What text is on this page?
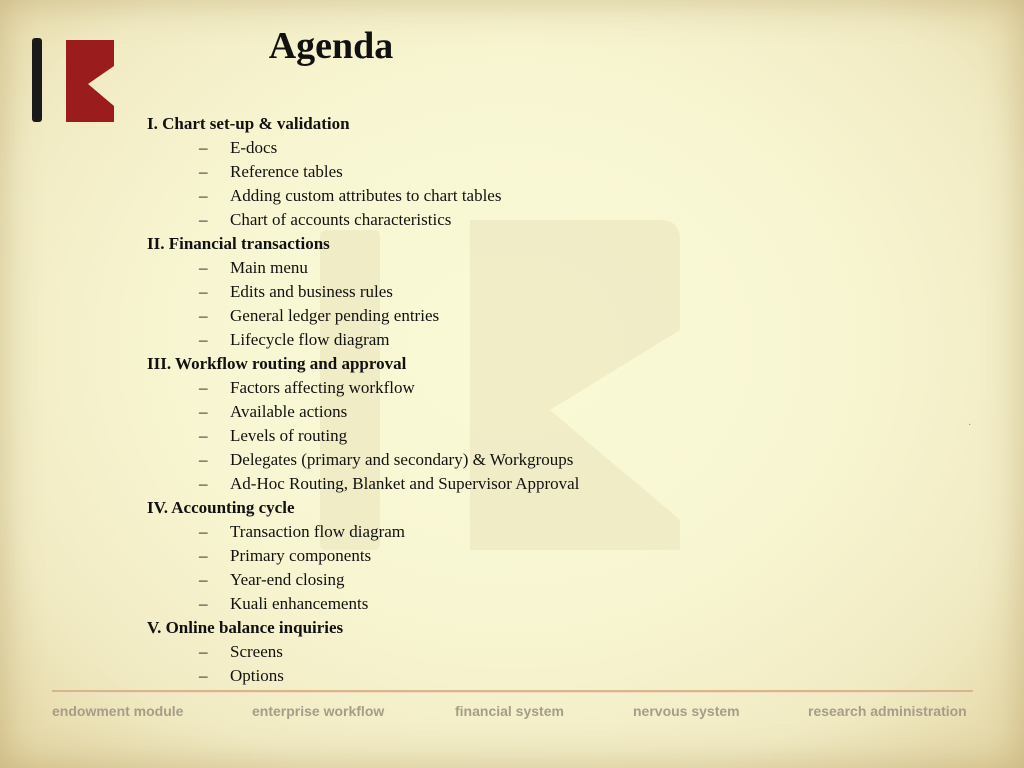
Agenda
I. Chart set-up & validation
– E-docs
– Reference tables
– Adding custom attributes to chart tables
– Chart of accounts characteristics
II. Financial transactions
– Main menu
– Edits and business rules
– General ledger pending entries
– Lifecycle flow diagram
III. Workflow routing and approval
– Factors affecting workflow
– Available actions
– Levels of routing
– Delegates (primary and secondary) & Workgroups
– Ad-Hoc Routing, Blanket and Supervisor Approval
IV. Accounting cycle
– Transaction flow diagram
– Primary components
– Year-end closing
– Kuali enhancements
V. Online balance inquiries
– Screens
– Options
endowment module	enterprise workflow	financial system	nervous system	research administration
·
